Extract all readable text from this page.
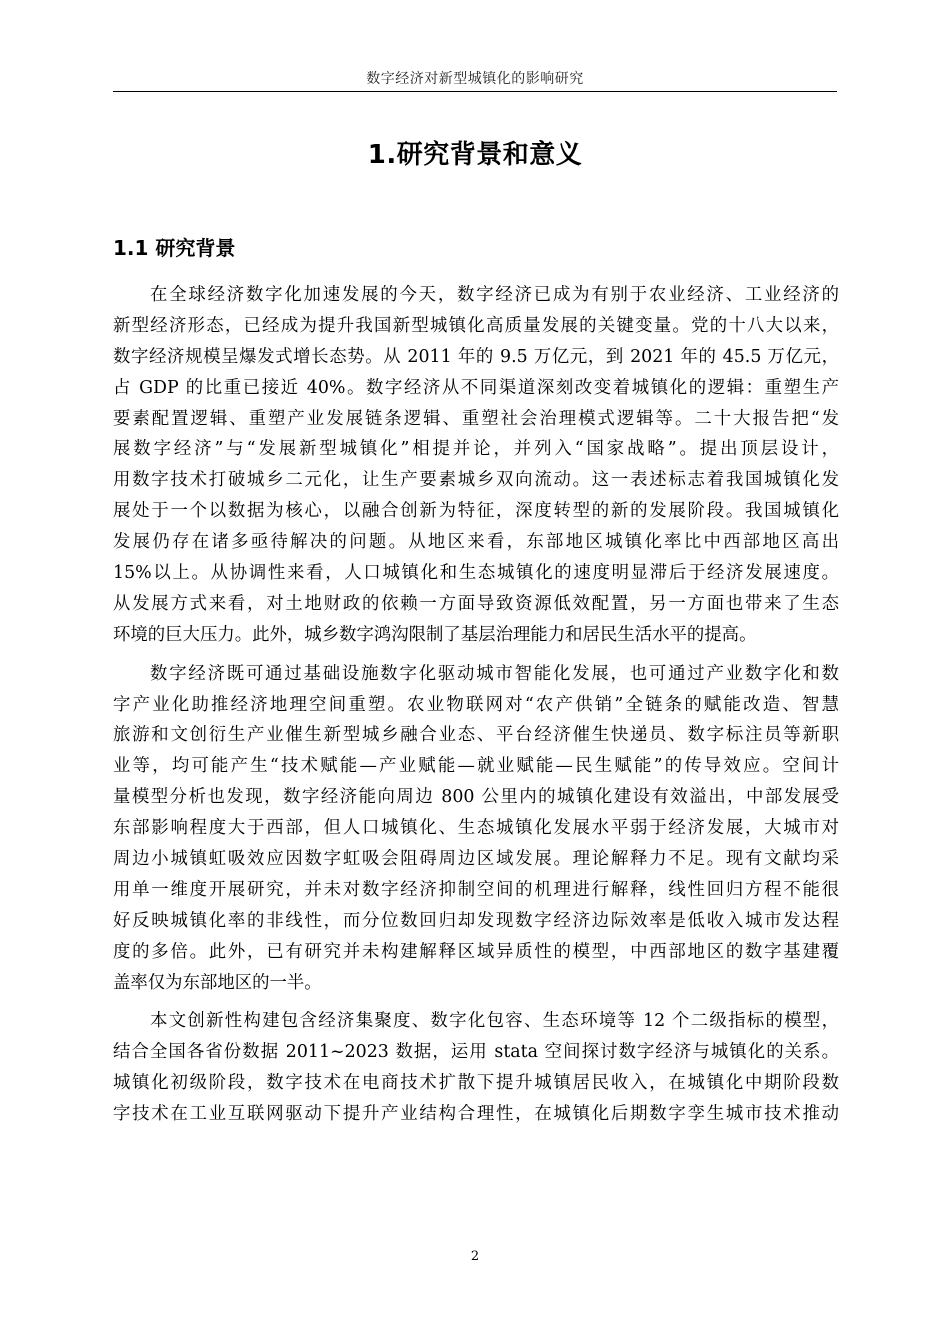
数字经济对新型城镇化的影响研究
1.研究背景和意义
1.1 研究背景
在全球经济数字化加速发展的今天，数字经济已成为有别于农业经济、工业经济的
新型经济形态，已经成为提升我国新型城镇化高质量发展的关键变量。党的十八大以来，
数字经济规模呈爆发式增长态势。从 2011 年的 9.5 万亿元，到 2021 年的 45.5 万亿元，
占 GDP 的比重已接近 40%。数字经济从不同渠道深刻改变着城镇化的逻辑：重塑生产
要素配置逻辑、重塑产业发展链条逻辑、重塑社会治理模式逻辑等。二十大报告把“发
展数字经济”与“发展新型城镇化”相提并论，并列入“国家战略”。提出顶层设计，
用数字技术打破城乡二元化，让生产要素城乡双向流动。这一表述标志着我国城镇化发
展处于一个以数据为核心，以融合创新为特征，深度转型的新的发展阶段。我国城镇化
发展仍存在诸多亟待解决的问题。从地区来看，东部地区城镇化率比中西部地区高出
15%以上。从协调性来看，人口城镇化和生态城镇化的速度明显滞后于经济发展速度。
从发展方式来看，对土地财政的依赖一方面导致资源低效配置，另一方面也带来了生态
环境的巨大压力。此外，城乡数字鸿沟限制了基层治理能力和居民生活水平的提高。
数字经济既可通过基础设施数字化驱动城市智能化发展，也可通过产业数字化和数
字产业化助推经济地理空间重塑。农业物联网对“农产供销”全链条的赋能改造、智慧
旅游和文创衍生产业催生新型城乡融合业态、平台经济催生快递员、数字标注员等新职
业等，均可能产生“技术赋能—产业赋能—就业赋能—民生赋能”的传导效应。空间计
量模型分析也发现，数字经济能向周边 800 公里内的城镇化建设有效溢出，中部发展受
东部影响程度大于西部，但人口城镇化、生态城镇化发展水平弱于经济发展，大城市对
周边小城镇虹吸效应因数字虹吸会阻碍周边区域发展。理论解释力不足。现有文献均采
用单一维度开展研究，并未对数字经济抑制空间的机理进行解释，线性回归方程不能很
好反映城镇化率的非线性，而分位数回归却发现数字经济边际效率是低收入城市发达程
度的多倍。此外，已有研究并未构建解释区域异质性的模型，中西部地区的数字基建覆
盖率仅为东部地区的一半。
本文创新性构建包含经济集聚度、数字化包容、生态环境等 12 个二级指标的模型，
结合全国各省份数据 2011~2023 数据，运用 stata 空间探讨数字经济与城镇化的关系。
城镇化初级阶段，数字技术在电商技术扩散下提升城镇居民收入，在城镇化中期阶段数
字技术在工业互联网驱动下提升产业结构合理性，在城镇化后期数字孪生城市技术推动
2
